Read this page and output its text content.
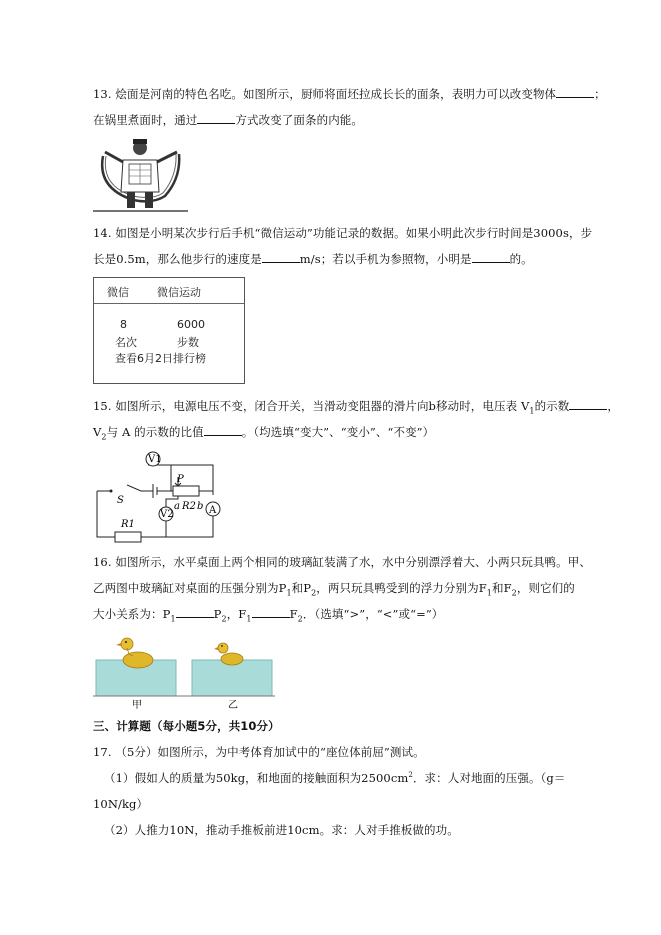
13. 烩面是河南的特色名吃。如图所示，厨师将面坯拉成长长的面条，表明力可以改变物体	；
在锅里煮面时，通过	方式改变了面条的内能。
14. 如图是小明某次步行后手机“微信运动”功能记录的数据。如果小明此次步行时间是3000s，步
长是0.5m，那么他步行的速度是	m/s；若以手机为参照物，小明是	的。
微信	微信运动
8	6000
名次	步数
查看6月2日排行榜
15. 如图所示，电源电压不变，闭合开关，当滑动变阻器的滑片向b移动时，电压表 $V_1$的示数	，
$V_2$与 A 的示数的比值	。（均选填“变大”、“变小”、“不变”）
V1
P
a R2 b
V2	A
R1
S
16. 如图所示，水平桌面上两个相同的玻璃缸装满了水，水中分别漂浮着大、小两只玩具鸭。甲、
乙两图中玻璃缸对桌面的压强分别为$P_1$和$P_2$，两只玩具鸭受到的浮力分别为$F_1$和$F_2$，则它们的
大小关系为：$P_1$	$P_2$，$F_1$	$F_2$．（选填“>”，“<”或“=”）
甲	乙
三、计算题（每小题5分，共10分）
17. （5分）如图所示，为中考体育加试中的“座位体前屈”测试。
（1）假如人的质量为50kg，和地面的接触面积为$2500cm^2$．求：人对地面的压强。（g＝
10N/kg）
（2）人推力10N，推动手推板前进10cm。求：人对手推板做的功。
